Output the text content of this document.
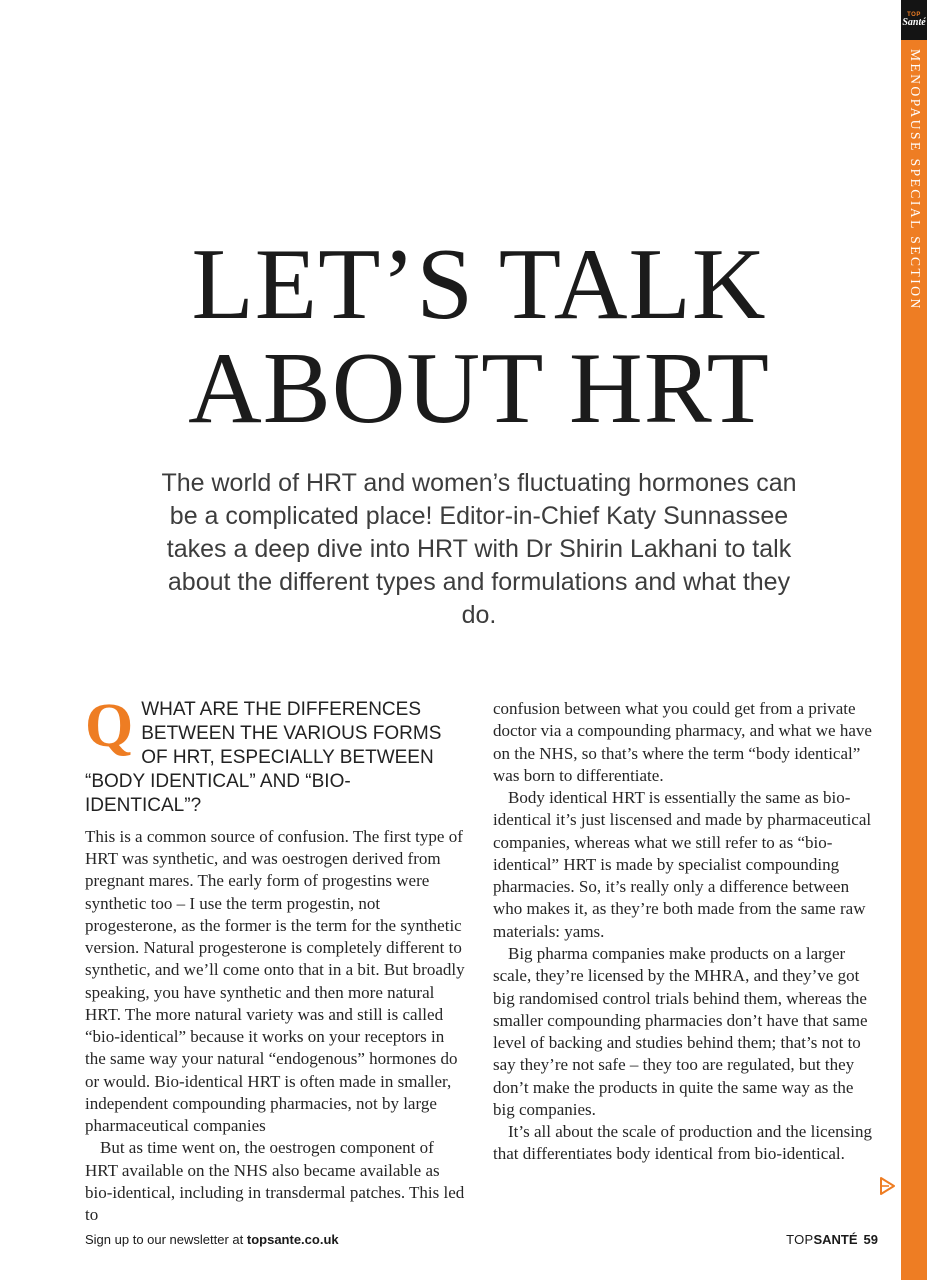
TOP
Santé
MENOPAUSE SPECIAL SECTION
LET’S TALK
ABOUT HRT

The world of HRT and women’s fluctuating hormones can be a complicated place! Editor-in-Chief Katy Sunnassee takes a deep dive into HRT with Dr Shirin Lakhani to talk about the different types and formulations and what they do.

Q WHAT ARE THE DIFFERENCES BETWEEN THE VARIOUS FORMS OF HRT, ESPECIALLY BETWEEN “BODY IDENTICAL” AND “BIO-IDENTICAL”?

This is a common source of confusion. The first type of HRT was synthetic, and was oestrogen derived from pregnant mares. The early form of progestins were synthetic too – I use the term progestin, not progesterone, as the former is the term for the synthetic version. Natural progesterone is completely different to synthetic, and we’ll come onto that in a bit. But broadly speaking, you have synthetic and then more natural HRT. The more natural variety was and still is called “bio-identical” because it works on your receptors in the same way your natural “endogenous” hormones do or would. Bio-identical HRT is often made in smaller, independent compounding pharmacies, not by large pharmaceutical companies

But as time went on, the oestrogen component of HRT available on the NHS also became available as bio-identical, including in transdermal patches. This led to

confusion between what you could get from a private doctor via a compounding pharmacy, and what we have on the NHS, so that’s where the term “body identical” was born to differentiate.

Body identical HRT is essentially the same as bio-identical it’s just liscensed and made by pharmaceutical companies, whereas what we still refer to as “bio-identical” HRT is made by specialist compounding pharmacies. So, it’s really only a difference between who makes it, as they’re both made from the same raw materials: yams.

Big pharma companies make products on a larger scale, they’re licensed by the MHRA, and they’ve got big randomised control trials behind them, whereas the smaller compounding pharmacies don’t have that same level of backing and studies behind them; that’s not to say they’re not safe – they too are regulated, but they don’t make the products in quite the same way as the big companies.

It’s all about the scale of production and the licensing that differentiates body identical from bio-identical.

Sign up to our newsletter at topsante.co.uk	TOPSANTÉ 59
